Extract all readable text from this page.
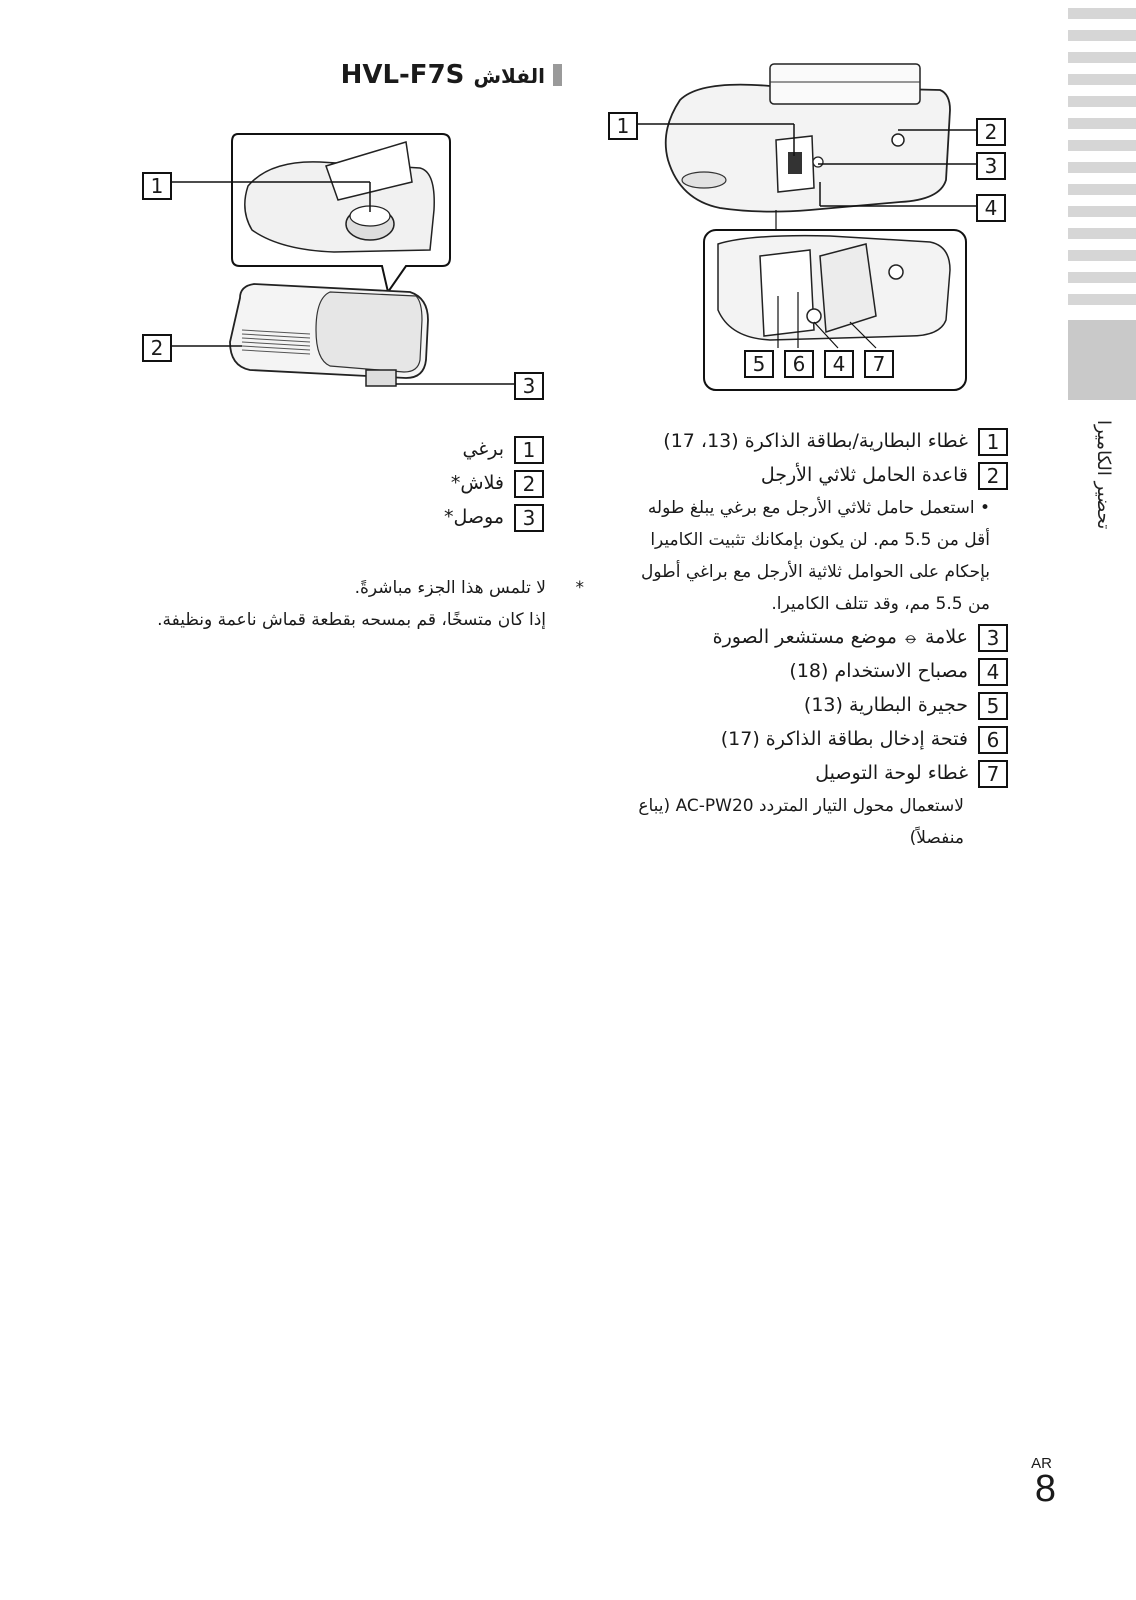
تحضير الكاميرا
الفلاش HVL-F7S
1
2
3
1برغي
2فلاش*
3موصل*
لا تلمس هذا الجزء مباشرةً. *
إذا كان متسخًا، قم بمسحه بقطعة قماش ناعمة ونظيفة.
1	2
3
4
5	6	4	7
1غطاء البطارية/بطاقة الذاكرة (13، 17)
2قاعدة الحامل ثلاثي الأرجل
• استعمل حامل ثلاثي الأرجل مع برغي يبلغ طوله
أقل من 5.5 مم. لن يكون بإمكانك تثبيت الكاميرا
بإحكام على الحوامل ثلاثية الأرجل مع براغي أطول
من 5.5 مم، وقد تتلف الكاميرا.
3علامة ⦵ موضع مستشعر الصورة
4مصباح الاستخدام (18)
5حجيرة البطارية (13)
6فتحة إدخال بطاقة الذاكرة (17)
7غطاء لوحة التوصيل
لاستعمال محول التيار المتردد AC-PW20 (يباع
منفصلاً)
AR
8
